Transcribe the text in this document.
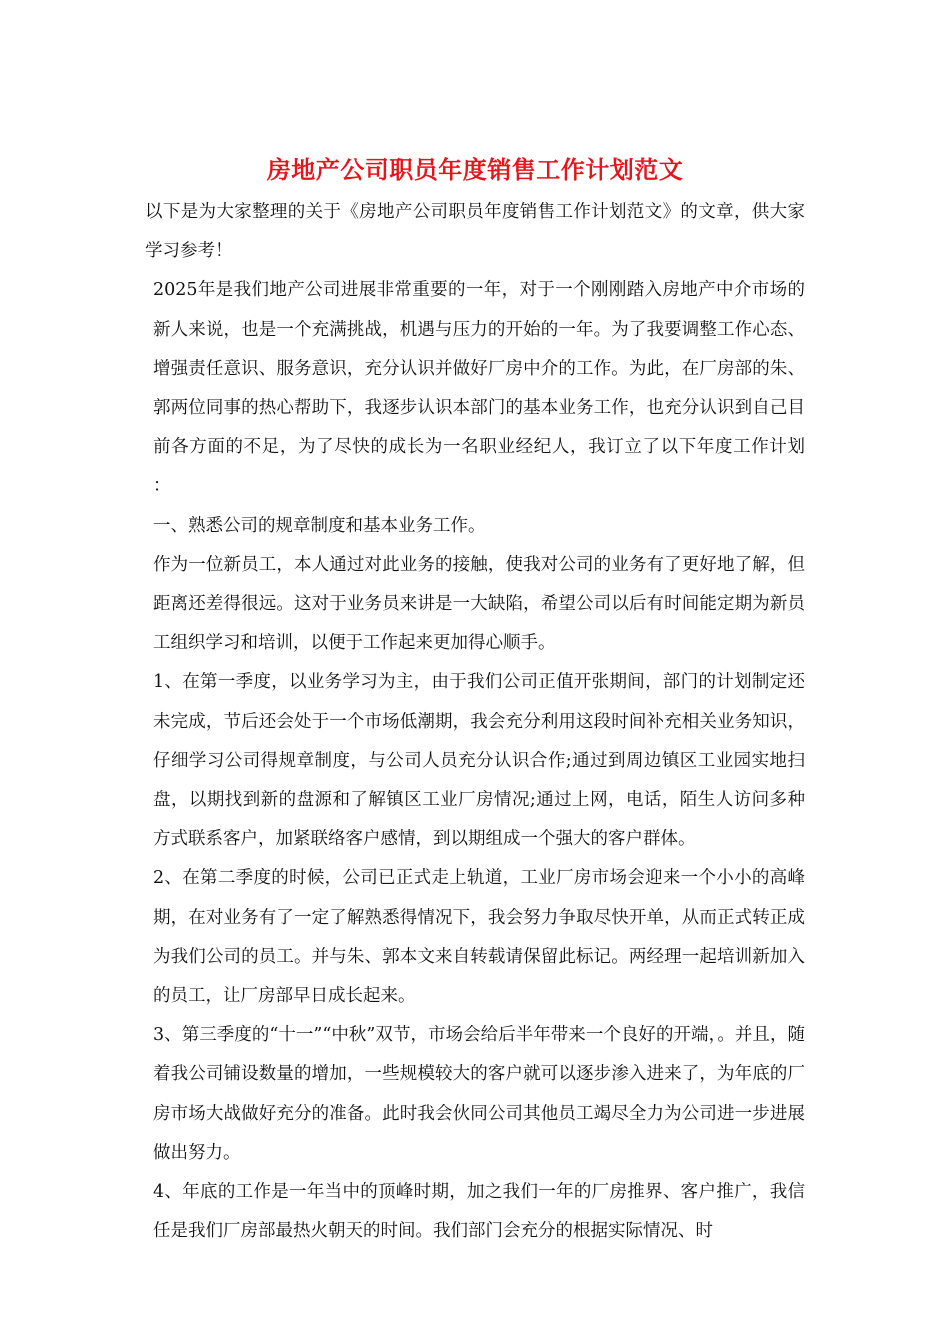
房地产公司职员年度销售工作计划范文

以下是为大家整理的关于《房地产公司职员年度销售工作计划范文》的文章，供大家学习参考！

2025年是我们地产公司进展非常重要的一年，对于一个刚刚踏入房地产中介市场的新人来说，也是一个充满挑战，机遇与压力的开始的一年。为了我要调整工作心态、增强责任意识、服务意识，充分认识并做好厂房中介的工作。为此，在厂房部的朱、郭两位同事的热心帮助下，我逐步认识本部门的基本业务工作，也充分认识到自己目前各方面的不足，为了尽快的成长为一名职业经纪人，我订立了以下年度工作计划 ：

一、熟悉公司的规章制度和基本业务工作。

作为一位新员工，本人通过对此业务的接触，使我对公司的业务有了更好地了解，但距离还差得很远。这对于业务员来讲是一大缺陷，希望公司以后有时间能定期为新员工组织学习和培训，以便于工作起来更加得心顺手。

1、在第一季度，以业务学习为主，由于我们公司正值开张期间，部门的计划制定还未完成，节后还会处于一个市场低潮期，我会充分利用这段时间补充相关业务知识，仔细学习公司得规章制度，与公司人员充分认识合作;通过到周边镇区工业园实地扫盘，以期找到新的盘源和了解镇区工业厂房情况;通过上网，电话，陌生人访问多种方式联系客户，加紧联络客户感情，到以期组成一个强大的客户群体。

2、在第二季度的时候，公司已正式走上轨道，工业厂房市场会迎来一个小小的高峰期，在对业务有了一定了解熟悉得情况下，我会努力争取尽快开单，从而正式转正成为我们公司的员工。并与朱、郭本文来自转载请保留此标记。两经理一起培训新加入的员工，让厂房部早日成长起来。

3、第三季度的“十一”“中秋”双节，市场会给后半年带来一个良好的开端，。并且，随着我公司铺设数量的增加，一些规模较大的客户就可以逐步渗入进来了，为年底的厂房市场大战做好充分的准备。此时我会伙同公司其他员工竭尽全力为公司进一步进展做出努力。

4、年底的工作是一年当中的顶峰时期，加之我们一年的厂房推界、客户推广，我信任是我们厂房部最热火朝天的时间。我们部门会充分的根据实际情况、时
